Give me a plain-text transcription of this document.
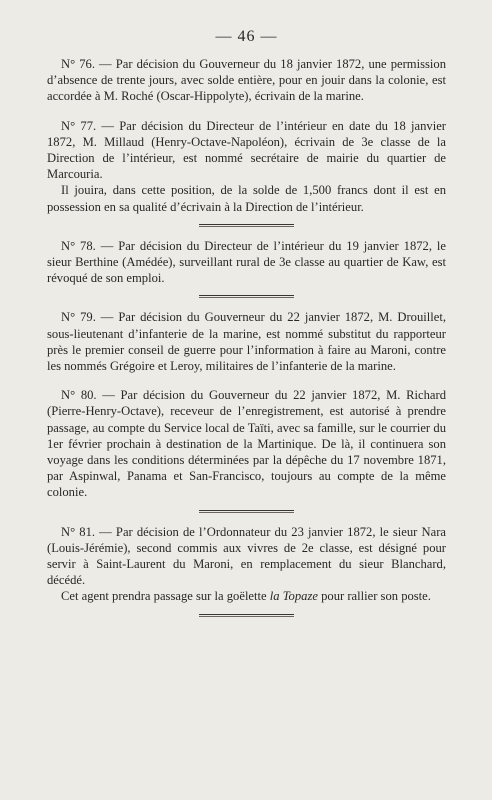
— 46 —

N° 76. — Par décision du Gouverneur du 18 janvier 1872, une permission d’absence de trente jours, avec solde entière, pour en jouir dans la colonie, est accordée à M. Roché (Oscar-Hippolyte), écrivain de la marine.

N° 77. — Par décision du Directeur de l’intérieur en date du 18 janvier 1872, M. Millaud (Henry-Octave-Napoléon), écrivain de 3e classe de la Direction de l’intérieur, est nommé secrétaire de mairie du quartier de Marcouria.

Il jouira, dans cette position, de la solde de 1,500 francs dont il est en possession en sa qualité d’écrivain à la Direction de l’intérieur.

N° 78. — Par décision du Directeur de l’intérieur du 19 janvier 1872, le sieur Berthine (Amédée), surveillant rural de 3e classe au quartier de Kaw, est révoqué de son emploi.

N° 79. — Par décision du Gouverneur du 22 janvier 1872, M. Drouillet, sous-lieutenant d’infanterie de la marine, est nommé substitut du rapporteur près le premier conseil de guerre pour l’information à faire au Maroni, contre les nommés Grégoire et Leroy, militaires de l’infanterie de la marine.

N° 80. — Par décision du Gouverneur du 22 janvier 1872, M. Richard (Pierre-Henry-Octave), receveur de l’enregistrement, est autorisé à prendre passage, au compte du Service local de Taïti, avec sa famille, sur le courrier du 1er février prochain à destination de la Martinique. De là, il continuera son voyage dans les conditions déterminées par la dépêche du 17 novembre 1871, par Aspinwal, Panama et San-Francisco, toujours au compte de la même colonie.

N° 81. — Par décision de l’Ordonnateur du 23 janvier 1872, le sieur Nara (Louis-Jérémie), second commis aux vivres de 2e classe, est désigné pour servir à Saint-Laurent du Maroni, en remplacement du sieur Blanchard, décédé.

Cet agent prendra passage sur la goëlette la Topaze pour rallier son poste.
